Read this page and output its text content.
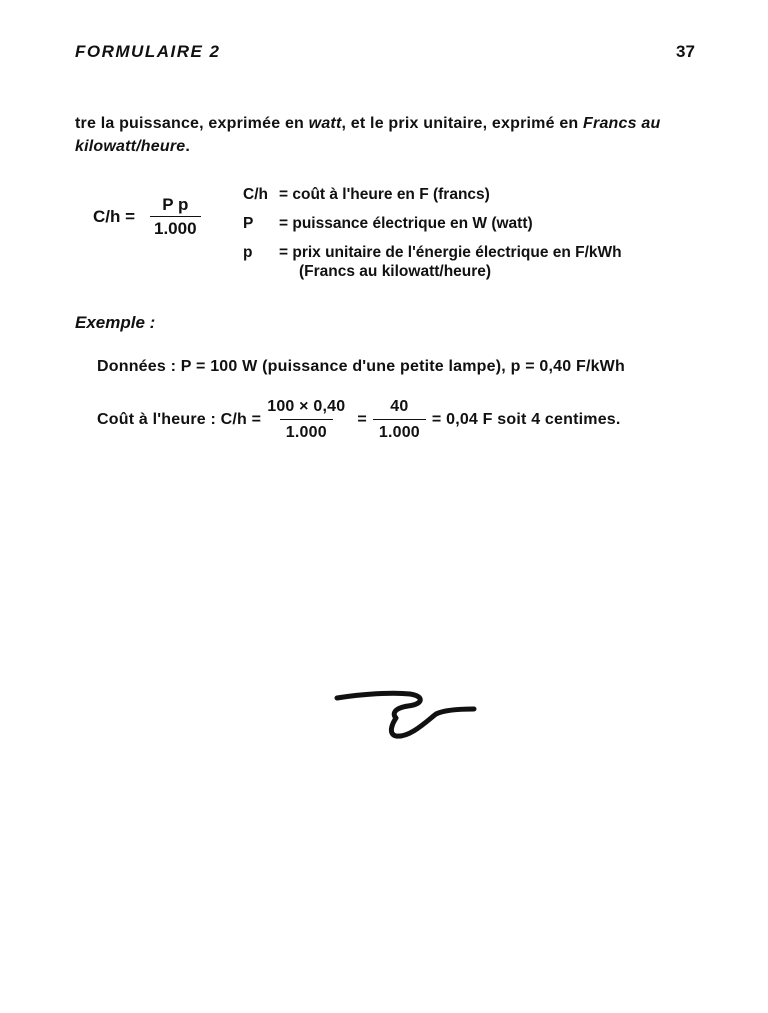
FORMULAIRE 2	37
tre la puissance, exprimée en watt, et le prix unitaire, exprimé en Francs au
kilowatt/heure.
$C/h = \frac{\text{P p}}{1.000}$
C/h = coût à l'heure en F (francs)
P	= puissance électrique en W (watt)
p	= prix unitaire de l'énergie électrique en F/kWh
(Francs au kilowatt/heure)
Exemple :
Données : P = 100 W (puissance d'une petite lampe), p = 0,40 F/kWh
Coût à l'heure : $C/h = \frac{100 \times 0,40}{1.000} = \frac{40}{1.000} = 0,04$ F soit 4 centimes.
